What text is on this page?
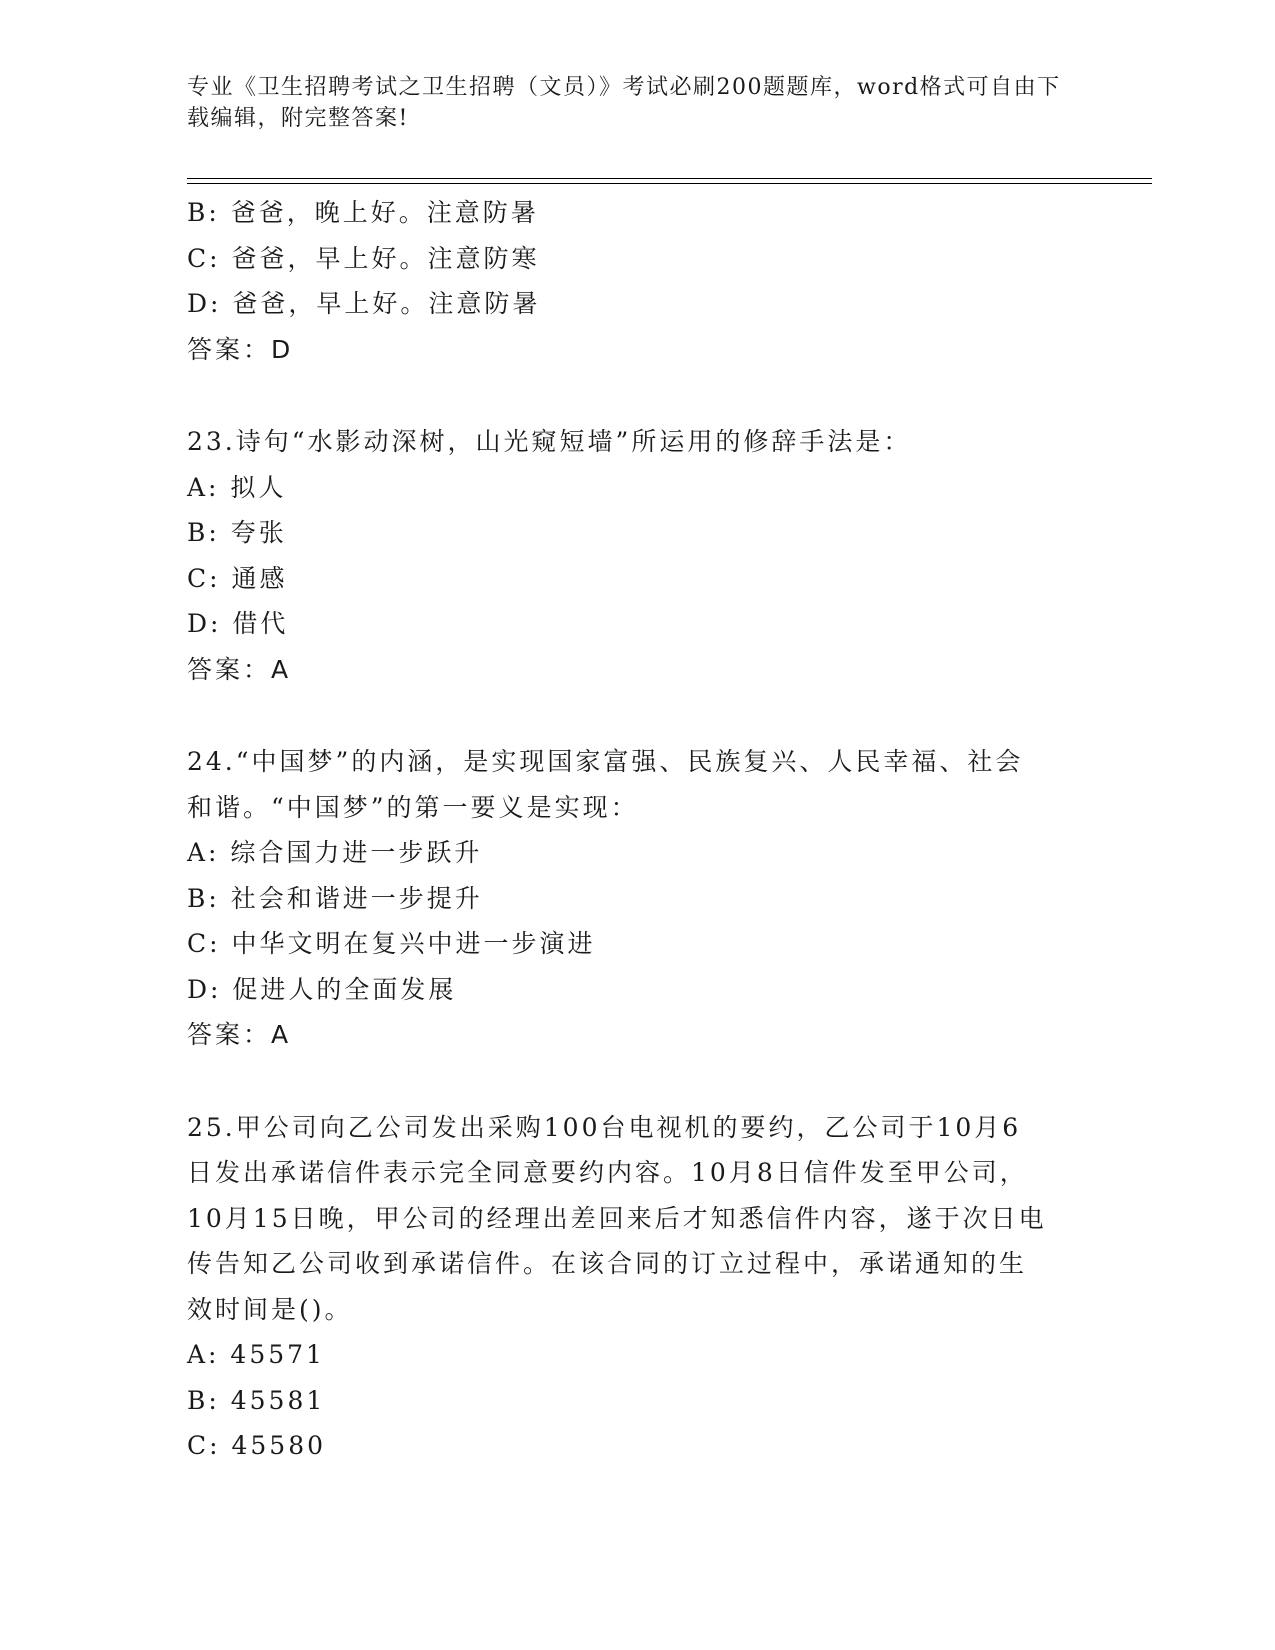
专业《卫生招聘考试之卫生招聘（文员）》考试必刷200题题库，word格式可自由下载编辑，附完整答案!
B: 爸爸，晚上好。注意防暑
C: 爸爸，早上好。注意防寒
D: 爸爸，早上好。注意防暑
答案：D
23.诗句“水影动深树，山光窥短墙”所运用的修辞手法是：
A: 拟人
B: 夸张
C: 通感
D: 借代
答案：A
24.“中国梦”的内涵，是实现国家富强、民族复兴、人民幸福、社会
和谐。“中国梦”的第一要义是实现：
A: 综合国力进一步跃升
B: 社会和谐进一步提升
C: 中华文明在复兴中进一步演进
D: 促进人的全面发展
答案：A
25.甲公司向乙公司发出采购100台电视机的要约，乙公司于10月6
日发出承诺信件表示完全同意要约内容。10月8日信件发至甲公司，
10月15日晚，甲公司的经理出差回来后才知悉信件内容，遂于次日电
传告知乙公司收到承诺信件。在该合同的订立过程中，承诺通知的生
效时间是()。
A: 45571
B: 45581
C: 45580
